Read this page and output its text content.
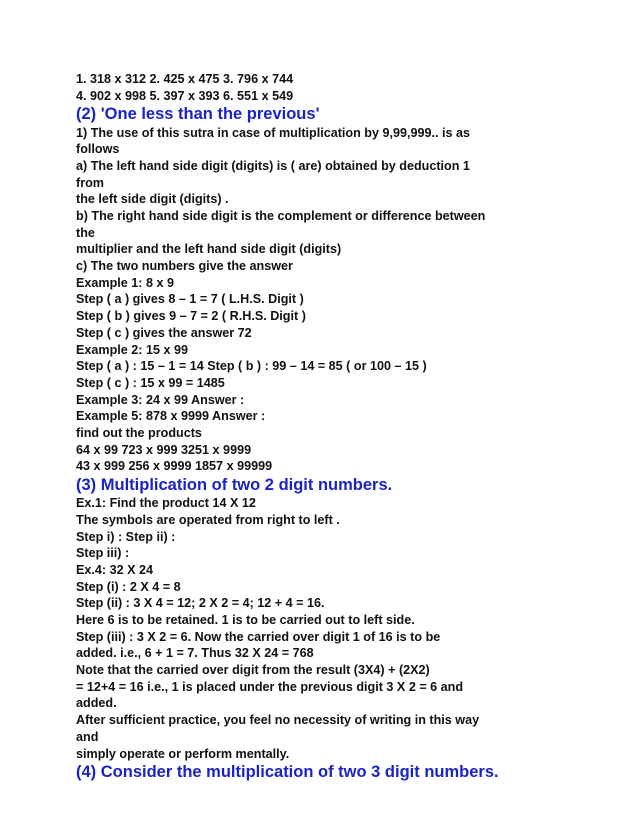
1. 318 x 312 2. 425 x 475 3. 796 x 744
4. 902 x 998 5. 397 x 393 6. 551 x 549
(2) 'One less than the previous'
1) The use of this sutra in case of multiplication by 9,99,999.. is as
follows
a) The left hand side digit (digits) is ( are) obtained by deduction 1
from
the left side digit (digits) .
b) The right hand side digit is the complement or difference between
the
multiplier and the left hand side digit (digits)
c) The two numbers give the answer
Example 1: 8 x 9
Step ( a ) gives 8 – 1 = 7 ( L.H.S. Digit )
Step ( b ) gives 9 – 7 = 2 ( R.H.S. Digit )
Step ( c ) gives the answer 72
Example 2: 15 x 99
Step ( a ) : 15 – 1 = 14 Step ( b ) : 99 – 14 = 85 ( or 100 – 15 )
Step ( c ) : 15 x 99 = 1485
Example 3: 24 x 99 Answer :
Example 5: 878 x 9999 Answer :
find out the products
64 x 99 723 x 999 3251 x 9999
43 x 999 256 x 9999 1857 x 99999
(3) Multiplication of two 2 digit numbers.
Ex.1: Find the product 14 X 12
The symbols are operated from right to left .
Step i) : Step ii) :
Step iii) :
Ex.4: 32 X 24
Step (i) : 2 X 4 = 8
Step (ii) : 3 X 4 = 12; 2 X 2 = 4; 12 + 4 = 16.
Here 6 is to be retained. 1 is to be carried out to left side.
Step (iii) : 3 X 2 = 6. Now the carried over digit 1 of 16 is to be
added. i.e., 6 + 1 = 7. Thus 32 X 24 = 768
Note that the carried over digit from the result (3X4) + (2X2)
= 12+4 = 16 i.e., 1 is placed under the previous digit 3 X 2 = 6 and
added.
After sufficient practice, you feel no necessity of writing in this way
and
simply operate or perform mentally.
(4) Consider the multiplication of two 3 digit numbers.
